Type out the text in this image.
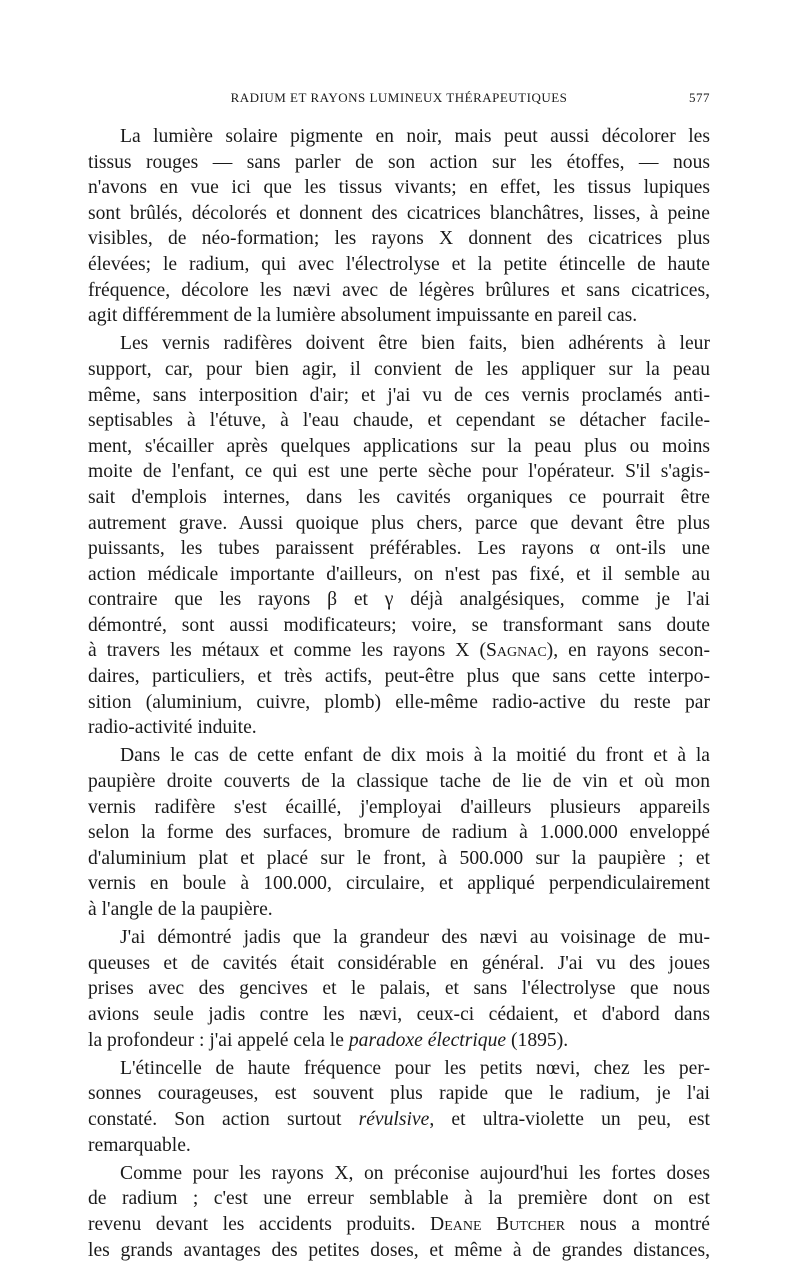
RADIUM ET RAYONS LUMINEUX THÉRAPEUTIQUES	577
La lumière solaire pigmente en noir, mais peut aussi décolorer les
tissus rouges — sans parler de son action sur les étoffes, — nous
n'avons en vue ici que les tissus vivants; en effet, les tissus lupiques
sont brûlés, décolorés et donnent des cicatrices blanchâtres, lisses, à peine
visibles, de néo-formation; les rayons X donnent des cicatrices plus
élevées; le radium, qui avec l'électrolyse et la petite étincelle de haute
fréquence, décolore les nævi avec de légères brûlures et sans cicatrices,
agit différemment de la lumière absolument impuissante en pareil cas.
Les vernis radifères doivent être bien faits, bien adhérents à leur
support, car, pour bien agir, il convient de les appliquer sur la peau
même, sans interposition d'air; et j'ai vu de ces vernis proclamés anti-
septisables à l'étuve, à l'eau chaude, et cependant se détacher facile-
ment, s'écailler après quelques applications sur la peau plus ou moins
moite de l'enfant, ce qui est une perte sèche pour l'opérateur. S'il s'agis-
sait d'emplois internes, dans les cavités organiques ce pourrait être
autrement grave. Aussi quoique plus chers, parce que devant être plus
puissants, les tubes paraissent préférables. Les rayons α ont-ils une
action médicale importante d'ailleurs, on n'est pas fixé, et il semble au
contraire que les rayons β et γ déjà analgésiques, comme je l'ai
démontré, sont aussi modificateurs; voire, se transformant sans doute
à travers les métaux et comme les rayons X (Sagnac), en rayons secon-
daires, particuliers, et très actifs, peut-être plus que sans cette interpo-
sition (aluminium, cuivre, plomb) elle-même radio-active du reste par
radio-activité induite.
Dans le cas de cette enfant de dix mois à la moitié du front et à la
paupière droite couverts de la classique tache de lie de vin et où mon
vernis radifère s'est écaillé, j'employai d'ailleurs plusieurs appareils
selon la forme des surfaces, bromure de radium à 1.000.000 enveloppé
d'aluminium plat et placé sur le front, à 500.000 sur la paupière ; et
vernis en boule à 100.000, circulaire, et appliqué perpendiculairement
à l'angle de la paupière.
J'ai démontré jadis que la grandeur des nævi au voisinage de mu-
queuses et de cavités était considérable en général. J'ai vu des joues
prises avec des gencives et le palais, et sans l'électrolyse que nous
avions seule jadis contre les nævi, ceux-ci cédaient, et d'abord dans
la profondeur : j'ai appelé cela le paradoxe électrique (1895).
L'étincelle de haute fréquence pour les petits nœvi, chez les per-
sonnes courageuses, est souvent plus rapide que le radium, je l'ai
constaté. Son action surtout révulsive, et ultra-violette un peu, est
remarquable.
Comme pour les rayons X, on préconise aujourd'hui les fortes doses
de radium ; c'est une erreur semblable à la première dont on est
revenu devant les accidents produits. Deane Butcher nous a montré
les grands avantages des petites doses, et même à de grandes distances,
